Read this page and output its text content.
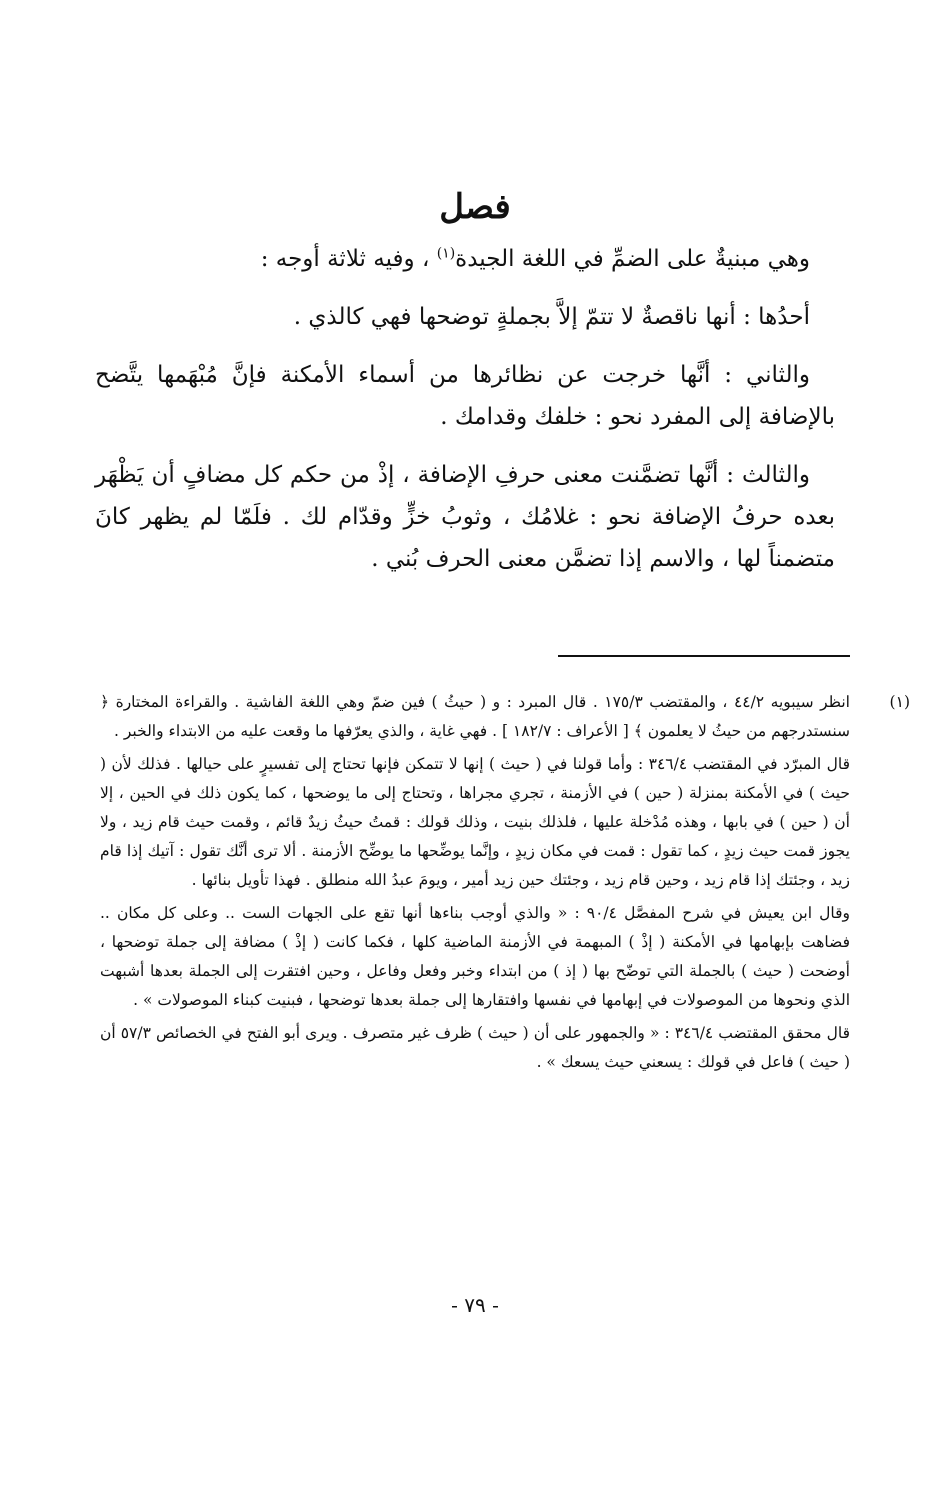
فصل

وهي مبنيةٌ على الضمِّ في اللغة الجيدة$^{(١)}$ ، وفيه ثلاثة أوجه :

أحدُها : أنها ناقصةٌ لا تتمّ إلاَّ بجملةٍ توضحها فهي كالذي .

والثاني : أنَّها خرجت عن نظائرها من أسماء الأمكنة فإنَّ مُبْهَمها يتَّضح بالإضافة إلى المفرد نحو : خلفك وقدامك .

والثالث : أنَّها تضمَّنت معنى حرفِ الإضافة ، إذْ من حكم كل مضافٍ أن يَظْهَر بعده حرفُ الإضافة نحو : غلامُك ، وثوبُ خزٍّ وقدّام لك . فلَمّا لم يظهر كانَ متضمناً لها ، والاسم إذا تضمَّن معنى الحرف بُني .

(١)

انظر سيبويه ٤٤/٢ ، والمقتضب ١٧٥/٣ . قال المبرد : و ( حيثُ ) فين ضمّ وهي اللغة الفاشية . والقراءة المختارة ﴿ سنستدرجهم من حيثُ لا يعلمون ﴾ [ الأعراف : ١٨٢/٧ ] . فهي غاية ، والذي يعرّفها ما وقعت عليه من الابتداء والخبر .

قال المبرّد في المقتضب ٣٤٦/٤ : وأما قولنا في ( حيث ) إنها لا تتمكن فإنها تحتاج إلى تفسيرٍ على حيالها . فذلك لأن ( حيث ) في الأمكنة بمنزلة ( حين ) في الأزمنة ، تجري مجراها ، وتحتاج إلى ما يوضحها ، كما يكون ذلك في الحين ، إلا أن ( حين ) في بابها ، وهذه مُدْخلة عليها ، فلذلك بنيت ، وذلك قولك : قمتُ حيثُ زيدٌ قائم ، وقمت حيث قام زيد ، ولا يجوز قمت حيث زيدٍ ، كما تقول : قمت في مكان زيدٍ ، وإنَّما يوضِّحها ما يوضِّح الأزمنة . ألا ترى أنَّك تقول : آتيك إذا قام زيد ، وجئتك إذا قام زيد ، وحين قام زيد ، وجئتك حين زيد أمير ، ويومَ عبدُ الله منطلق . فهذا تأويل بنائها .

وقال ابن يعيش في شرح المفصَّل ٩٠/٤ : « والذي أوجب بناءها أنها تقع على الجهات الست .. وعلى كل مكان .. فضاهت بإبهامها في الأمكنة ( إذْ ) المبهمة في الأزمنة الماضية كلها ، فكما كانت ( إذْ ) مضافة إلى جملة توضحها ، أوضحت ( حيث ) بالجملة التي توضّح بها ( إذ ) من ابتداء وخبر وفعل وفاعل ، وحين افتقرت إلى الجملة بعدها أشبهت الذي ونحوها من الموصولات في إبهامها في نفسها وافتقارها إلى جملة بعدها توضحها ، فبنيت كبناء الموصولات » .

قال محقق المقتضب ٣٤٦/٤ : « والجمهور على أن ( حيث ) ظرف غير متصرف . ويرى أبو الفتح في الخصائص ٥٧/٣ أن ( حيث ) فاعل في قولك : يسعني حيث يسعك » .

- ٧٩ -
